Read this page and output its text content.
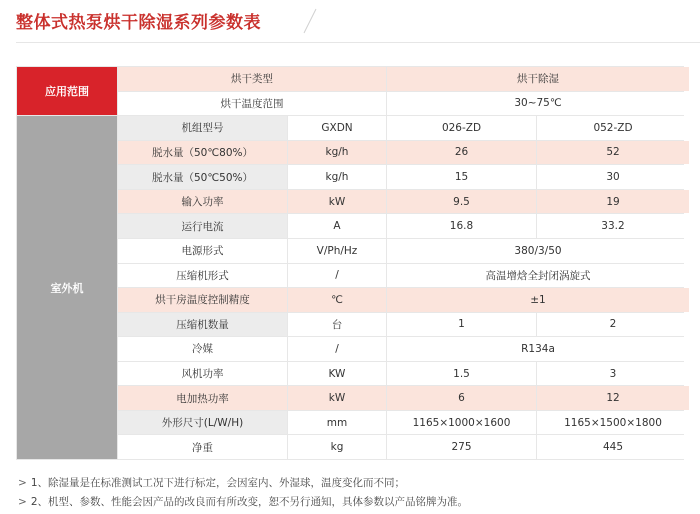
整体式热泵烘干除湿系列参数表
应用范围
烘干类型	烘干除湿
烘干温度范围	30~75℃
室外机
机组型号	GXDN	026-ZD	052-ZD
脱水量（50℃80%）	kg/h	26	52
脱水量（50℃50%）	kg/h	15	30
输入功率	kW	9.5	19
运行电流	A	16.8	33.2
电源形式	V/Ph/Hz	380/3/50
压缩机形式	/	高温增焓全封闭涡旋式
烘干房温度控制精度	℃	±1
压缩机数量	台	1	2
冷媒	/	R134a
风机功率	KW	1.5	3
电加热功率	kW	6	12
外形尺寸(L/W/H)	mm	1165×1000×1600	1165×1500×1800
净重	kg	275	445
> 1、除湿量是在标准测试工况下进行标定，会因室内、外湿球，温度变化而不同；
> 2、机型、参数、性能会因产品的改良而有所改变，恕不另行通知，具体参数以产品铭牌为准。
